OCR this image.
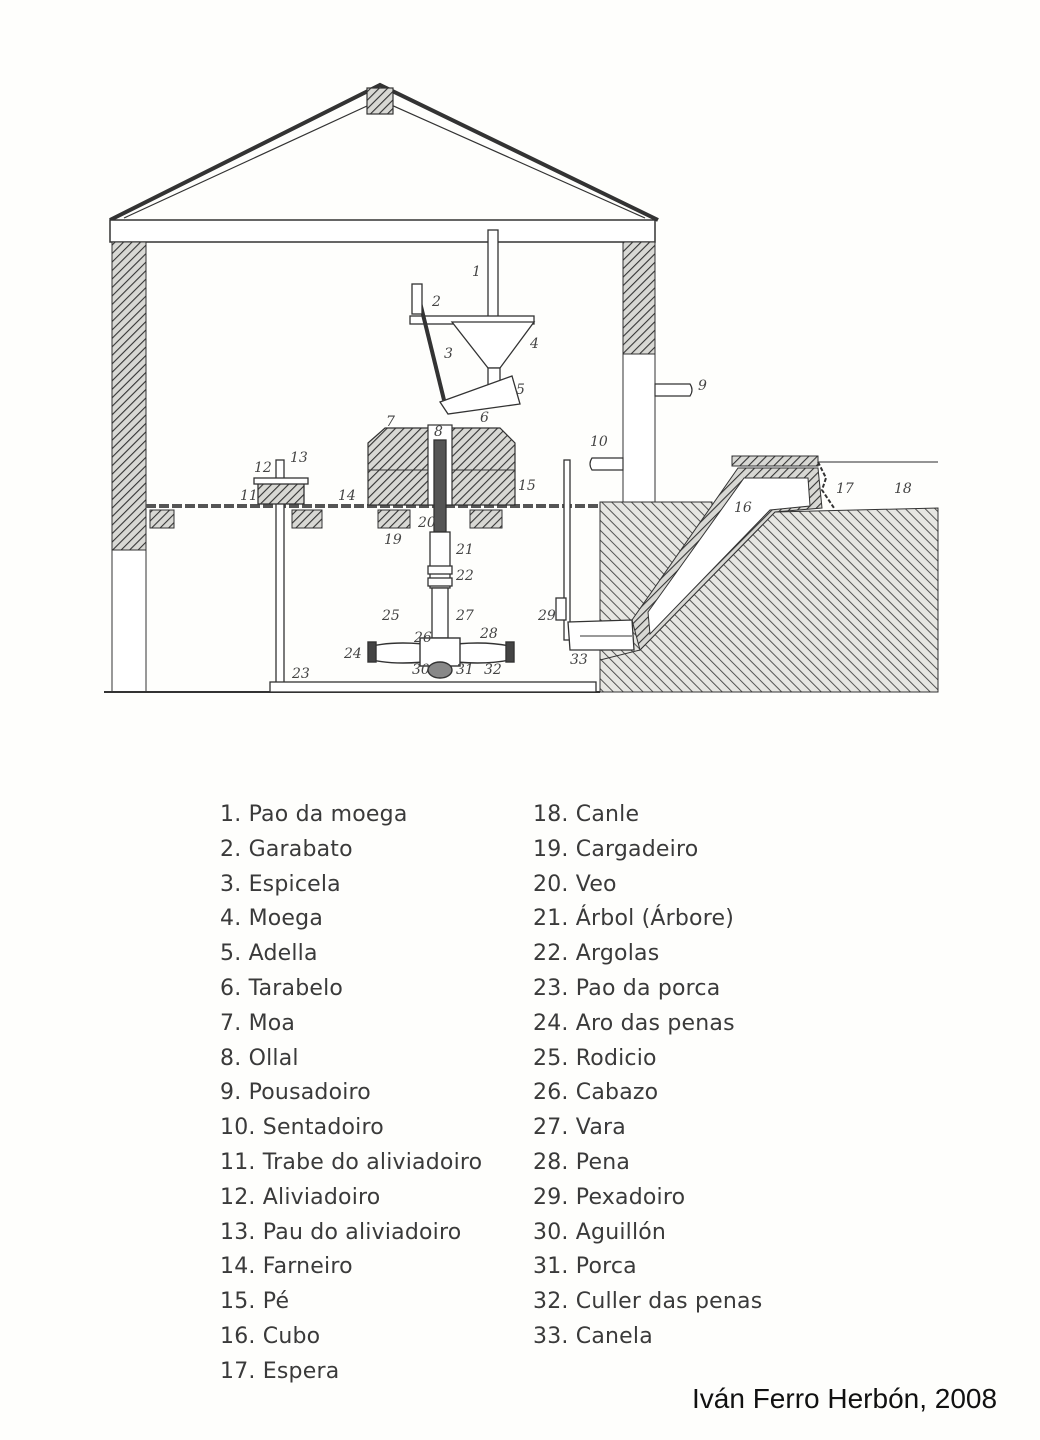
1
2
3
4
5
6
7
8
9
10
11
12
13
14
15
16
17	18
19
20
21
22
23
24
25
26
27
28
29
30 31 32
33
1. Pao da moega
2. Garabato
3. Espicela
4. Moega
5. Adella
6. Tarabelo
7. Moa
8. Ollal
9. Pousadoiro
10. Sentadoiro
11. Trabe do aliviadoiro
12. Aliviadoiro
13. Pau do aliviadoiro
14. Farneiro
15. Pé
16. Cubo
17. Espera
18. Canle
19. Cargadeiro
20. Veo
21. Árbol (Árbore)
22. Argolas
23. Pao da porca
24. Aro das penas
25. Rodicio
26. Cabazo
27. Vara
28. Pena
29. Pexadoiro
30. Aguillón
31. Porca
32. Culler das penas
33. Canela
Iván Ferro Herbón, 2008
